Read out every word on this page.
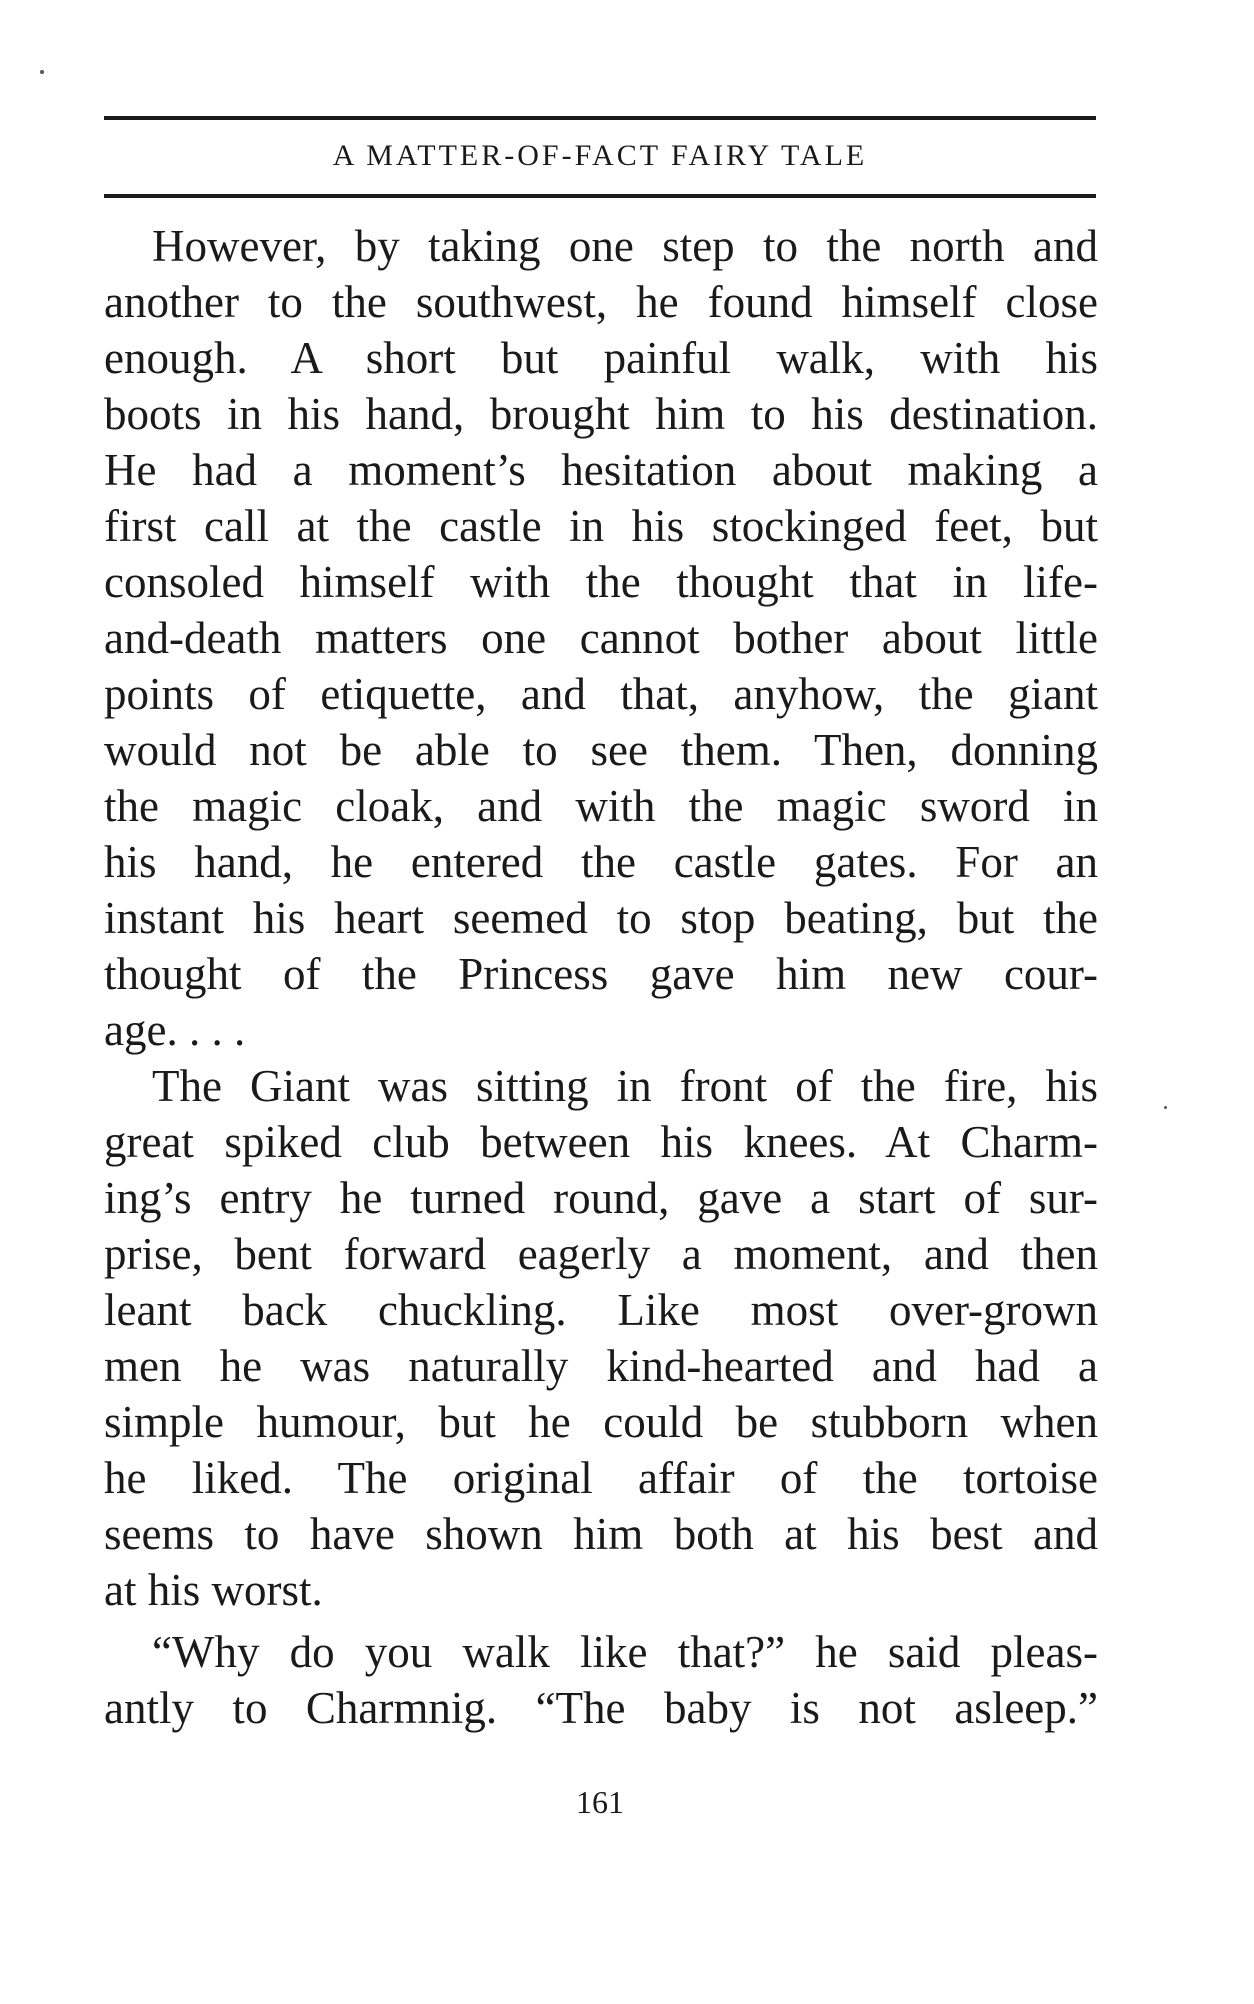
A MATTER-OF-FACT FAIRY TALE
However, by taking one step to the north and
another to the southwest, he found himself close
enough. A short but painful walk, with his
boots in his hand, brought him to his destination.
He had a moment’s hesitation about making a
first call at the castle in his stockinged feet, but
consoled himself with the thought that in life-
and-death matters one cannot bother about little
points of etiquette, and that, anyhow, the giant
would not be able to see them. Then, donning
the magic cloak, and with the magic sword in
his hand, he entered the castle gates. For an
instant his heart seemed to stop beating, but the
thought of the Princess gave him new cour-
age. . . .
The Giant was sitting in front of the fire, his
great spiked club between his knees. At Charm-
ing’s entry he turned round, gave a start of sur-
prise, bent forward eagerly a moment, and then
leant back chuckling. Like most over-grown
men he was naturally kind-hearted and had a
simple humour, but he could be stubborn when
he liked. The original affair of the tortoise
seems to have shown him both at his best and
at his worst.
“Why do you walk like that?” he said pleas-
antly to Charmnig. “The baby is not asleep.”
161
